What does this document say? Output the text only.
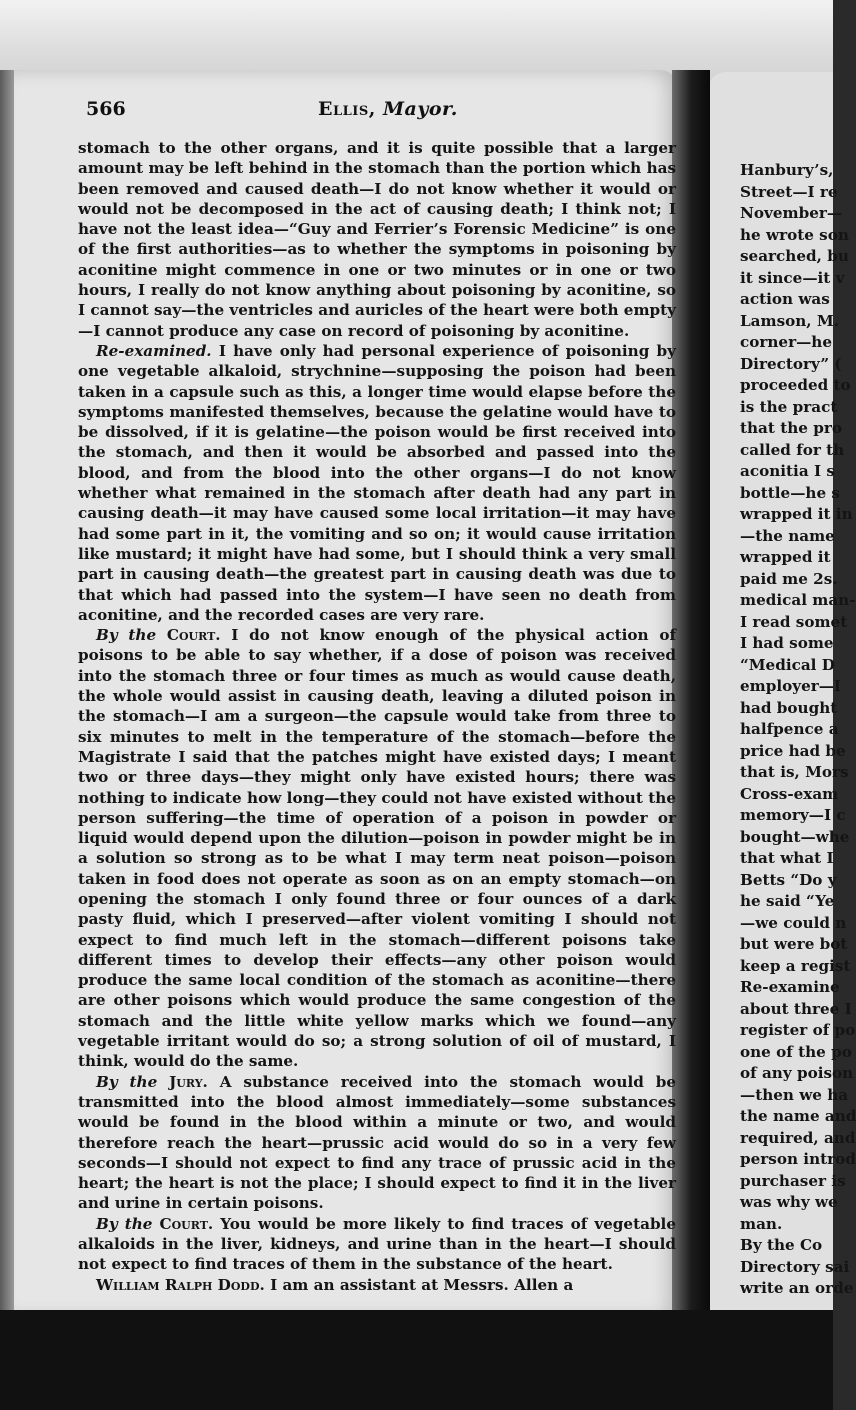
566	Ellis, Mayor.

stomach to the other organs, and it is quite possible that a larger amount may be left behind in the stomach than the portion which has been removed and caused death—I do not know whether it would or would not be decomposed in the act of causing death; I think not; I have not the least idea—“Guy and Ferrier’s Forensic Medicine” is one of the first authorities—as to whether the symptoms in poisoning by aconitine might commence in one or two minutes or in one or two hours, I really do not know anything about poisoning by aconitine, so I cannot say—the ventricles and auricles of the heart were both empty—I cannot produce any case on record of poisoning by aconitine.

Re-examined. I have only had personal experience of poisoning by one vegetable alkaloid, strychnine—supposing the poison had been taken in a capsule such as this, a longer time would elapse before the symptoms manifested themselves, because the gelatine would have to be dissolved, if it is gelatine—the poison would be first received into the stomach, and then it would be absorbed and passed into the blood, and from the blood into the other organs—I do not know whether what remained in the stomach after death had any part in causing death—it may have caused some local irritation—it may have had some part in it, the vomiting and so on; it would cause irritation like mustard; it might have had some, but I should think a very small part in causing death—the greatest part in causing death was due to that which had passed into the system—I have seen no death from aconitine, and the recorded cases are very rare.

By the Court. I do not know enough of the physical action of poisons to be able to say whether, if a dose of poison was received into the stomach three or four times as much as would cause death, the whole would assist in causing death, leaving a diluted poison in the stomach—I am a surgeon—the capsule would take from three to six minutes to melt in the temperature of the stomach—before the Magistrate I said that the patches might have existed days; I meant two or three days—they might only have existed hours; there was nothing to indicate how long—they could not have existed without the person suffering—the time of operation of a poison in powder or liquid would depend upon the dilution—poison in powder might be in a solution so strong as to be what I may term neat poison—poison taken in food does not operate as soon as on an empty stomach—on opening the stomach I only found three or four ounces of a dark pasty fluid, which I preserved—after violent vomiting I should not expect to find much left in the stomach—different poisons take different times to develop their effects—any other poison would produce the same local condition of the stomach as aconitine—there are other poisons which would produce the same congestion of the stomach and the little white yellow marks which we found—any vegetable irritant would do so; a strong solution of oil of mustard, I think, would do the same.

By the Jury. A substance received into the stomach would be transmitted into the blood almost immediately—some substances would be found in the blood within a minute or two, and would therefore reach the heart—prussic acid would do so in a very few seconds—I should not expect to find any trace of prussic acid in the heart; the heart is not the place; I should expect to find it in the liver and urine in certain poisons.

By the Court. You would be more likely to find traces of vegetable alkaloids in the liver, kidneys, and urine than in the heart—I should not expect to find traces of them in the substance of the heart.

William Ralph Dodd. I am an assistant at Messrs. Allen a

Hanbury’s,
Street—I re
November—
he wrote son
searched, bu
it since—it v
action was
Lamson, M.
corner—he
Directory” (
proceeded to
is the pract
that the pro
called for th
aconitia I s
bottle—he s
wrapped it in
—the name
wrapped it
paid me 2s.
medical man-
I read somet
I had some
“Medical D
employer—I
had bought
halfpence a
price had be
that is, Mors
Cross-exam
memory—I c
bought—whe
that what I
Betts “Do y
he said “Ye
—we could n
but were bot
keep a regist
Re-examine
about three I
register of po
one of the po
of any poison
—then we ha
the name and
required, and
person introd
purchaser is
was why we
man.
By the Co
Directory sai
write an orde
